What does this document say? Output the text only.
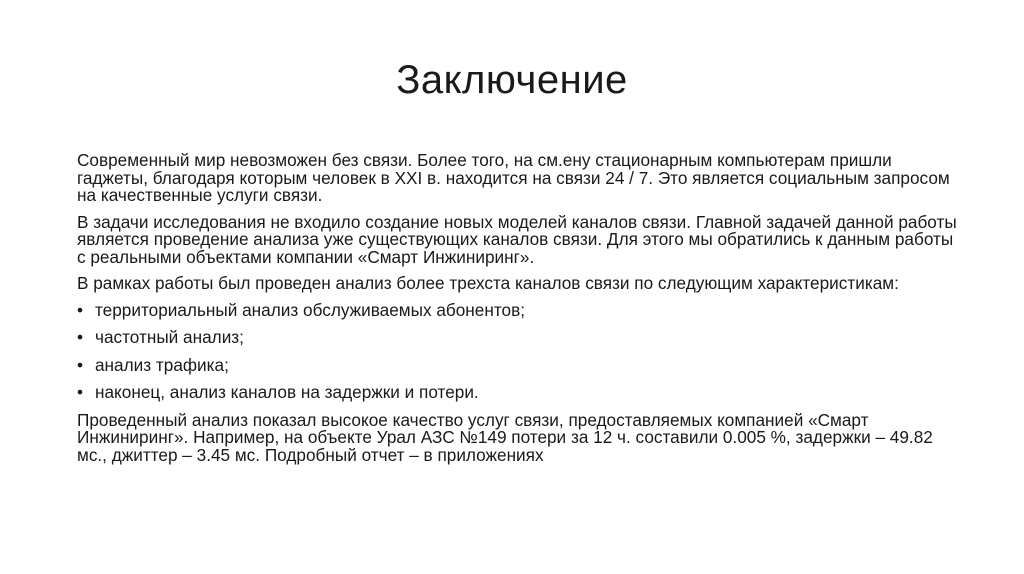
Заключение

Современный мир невозможен без связи. Более того, на см.ену стационарным компьютерам пришли гаджеты, благодаря которым человек в XXI в. находится на связи 24 / 7. Это является социальным запросом на качественные услуги связи.

В задачи исследования не входило создание новых моделей каналов связи. Главной задачей данной работы является проведение анализа уже существующих каналов связи. Для этого мы обратились к данным работы с реальными объектами компании «Смарт Инжиниринг».

В рамках работы был проведен анализ более трехста каналов связи по следующим характеристикам:

• территориальный анализ обслуживаемых абонентов;
• частотный анализ;
• анализ трафика;
• наконец, анализ каналов на задержки и потери.

Проведенный анализ показал высокое качество услуг связи, предоставляемых компанией «Смарт Инжиниринг». Например, на объекте Урал АЗС №149 потери за 12 ч. составили 0.005 %, задержки – 49.82 мс., джиттер – 3.45 мс. Подробный отчет – в приложениях
